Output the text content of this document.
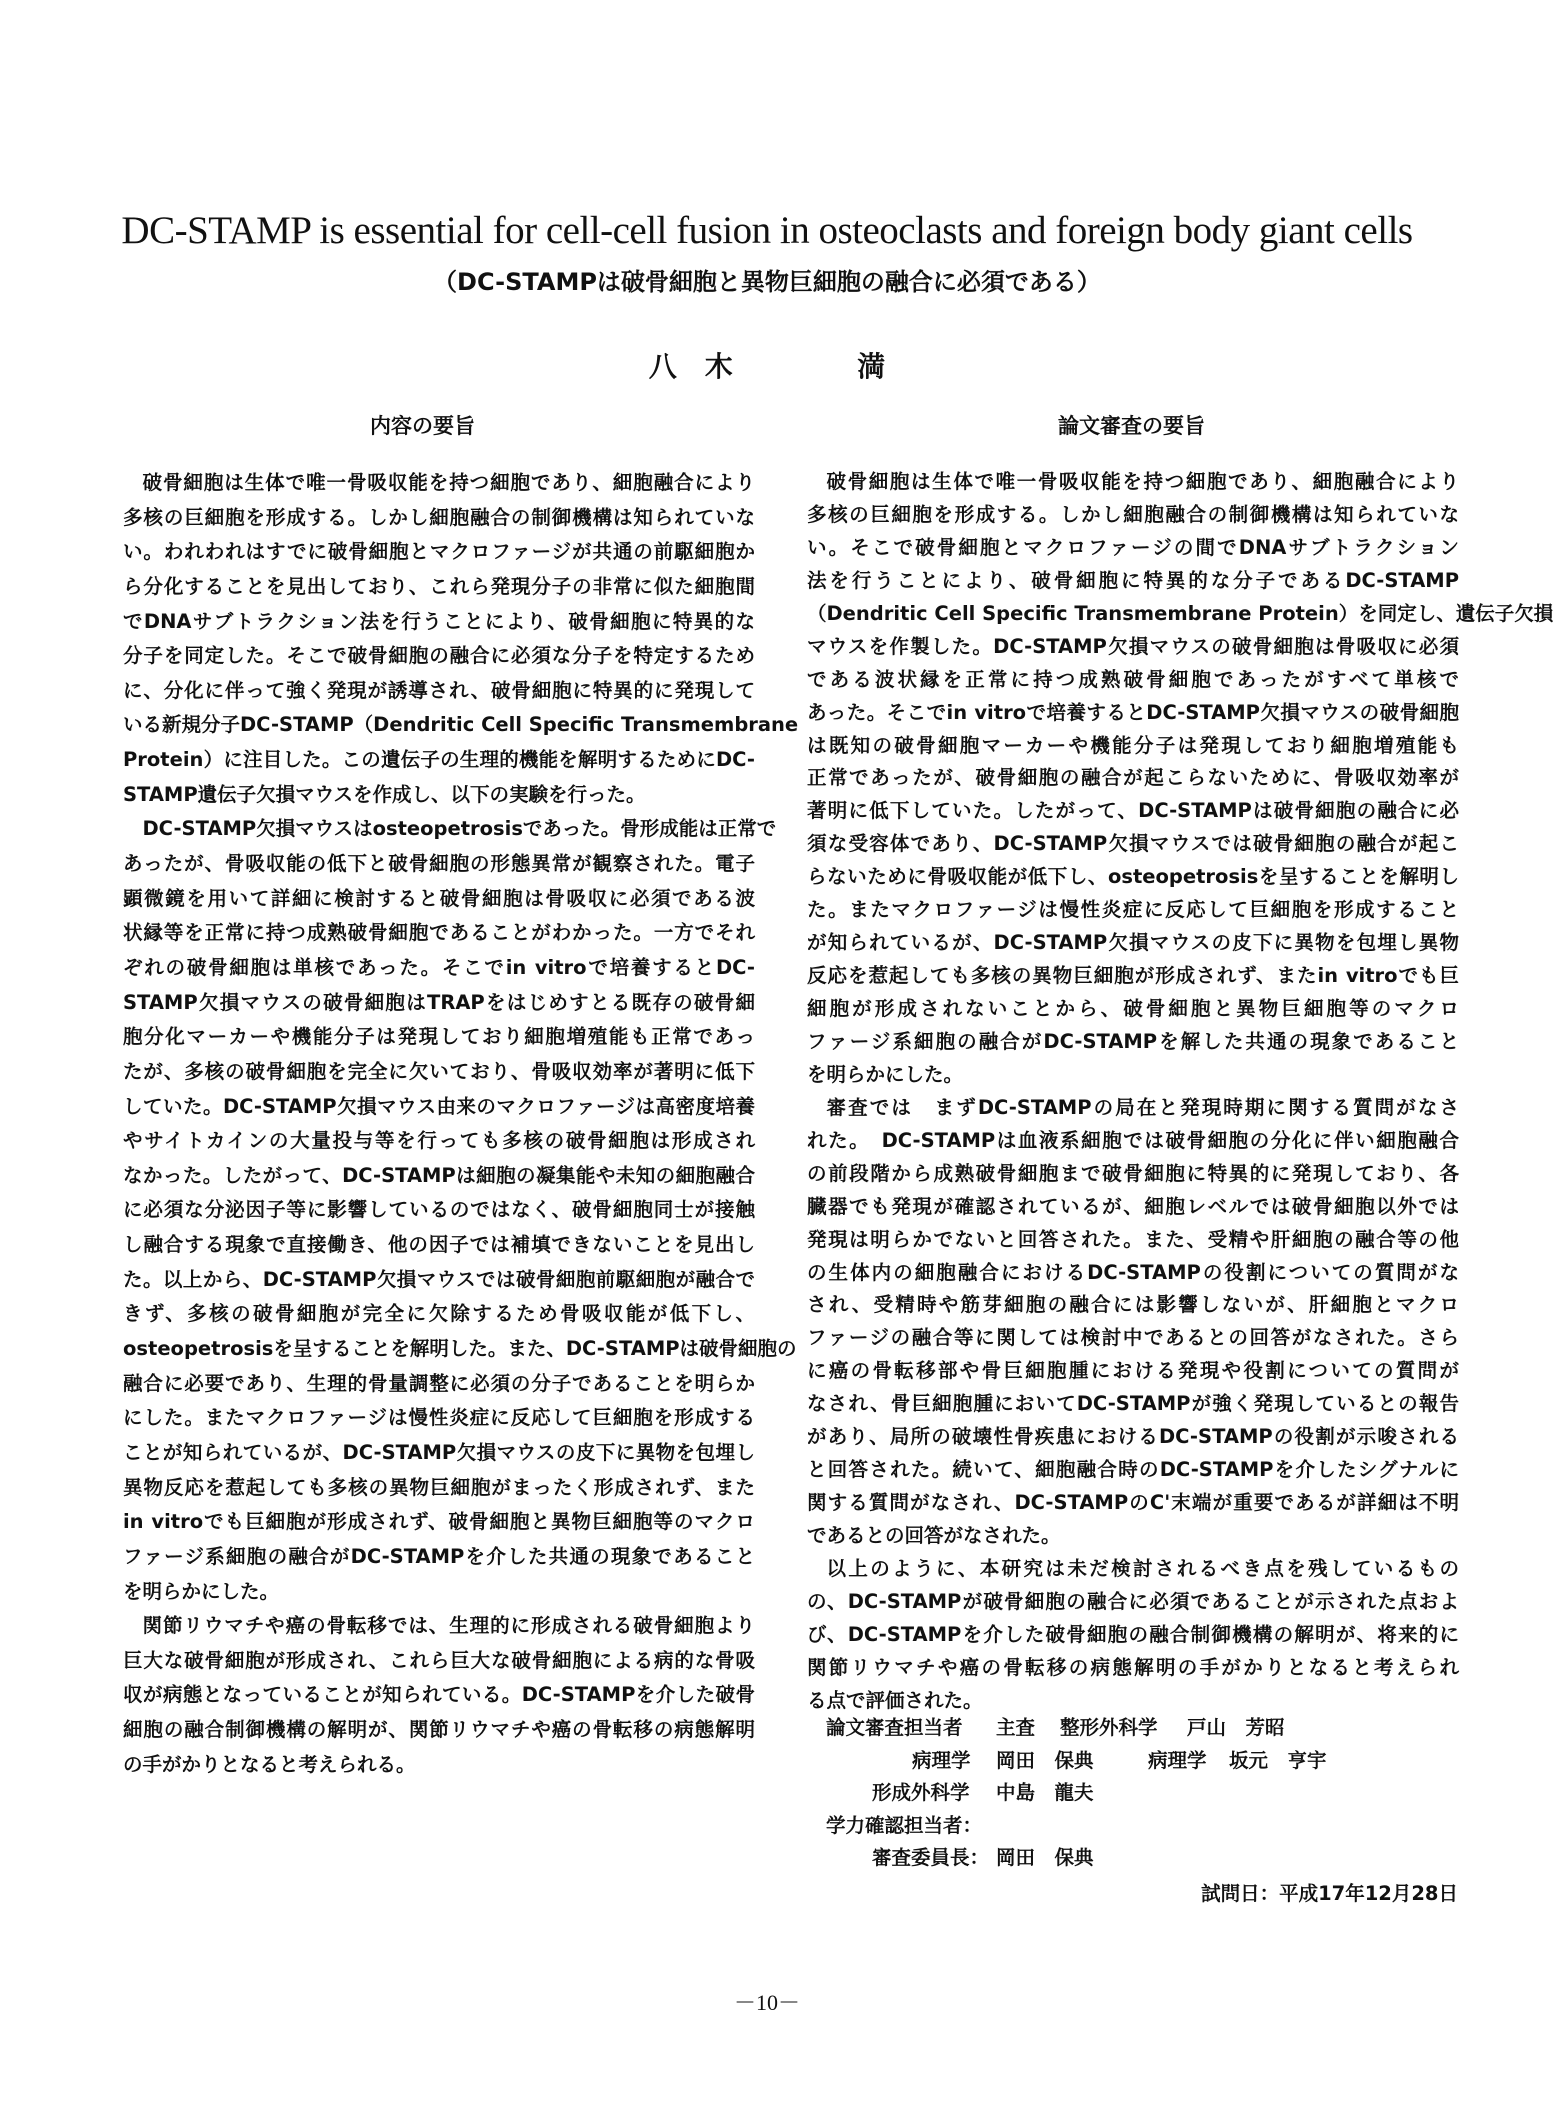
DC-STAMP is essential for cell-cell fusion in osteoclasts and foreign body giant cells
（DC-STAMPは破骨細胞と異物巨細胞の融合に必須である）
八　木	満
内容の要旨	論文審査の要旨
破骨細胞は生体で唯一骨吸収能を持つ細胞であり、細胞融合により
多核の巨細胞を形成する。しかし細胞融合の制御機構は知られていな
い。われわれはすでに破骨細胞とマクロファージが共通の前駆細胞か
ら分化することを見出しており、これら発現分子の非常に似た細胞間
でDNAサブトラクション法を行うことにより、破骨細胞に特異的な
分子を同定した。そこで破骨細胞の融合に必須な分子を特定するため
に、分化に伴って強く発現が誘導され、破骨細胞に特異的に発現して
いる新規分子DC-STAMP（Dendritic Cell Specific Transmembrane
Protein）に注目した。この遺伝子の生理的機能を解明するためにDC-
STAMP遺伝子欠損マウスを作成し、以下の実験を行った。
DC-STAMP欠損マウスはosteopetrosisであった。骨形成能は正常で
あったが、骨吸収能の低下と破骨細胞の形態異常が観察された。電子
顕微鏡を用いて詳細に検討すると破骨細胞は骨吸収に必須である波
状縁等を正常に持つ成熟破骨細胞であることがわかった。一方でそれ
ぞれの破骨細胞は単核であった。そこでin vitroで培養するとDC-
STAMP欠損マウスの破骨細胞はTRAPをはじめすとる既存の破骨細
胞分化マーカーや機能分子は発現しており細胞増殖能も正常であっ
たが、多核の破骨細胞を完全に欠いており、骨吸収効率が著明に低下
していた。DC-STAMP欠損マウス由来のマクロファージは高密度培養
やサイトカインの大量投与等を行っても多核の破骨細胞は形成され
なかった。したがって、DC-STAMPは細胞の凝集能や未知の細胞融合
に必須な分泌因子等に影響しているのではなく、破骨細胞同士が接触
し融合する現象で直接働き、他の因子では補填できないことを見出し
た。以上から、DC-STAMP欠損マウスでは破骨細胞前駆細胞が融合で
きず、多核の破骨細胞が完全に欠除するため骨吸収能が低下し、
osteopetrosisを呈することを解明した。また、DC-STAMPは破骨細胞の
融合に必要であり、生理的骨量調整に必須の分子であることを明らか
にした。またマクロファージは慢性炎症に反応して巨細胞を形成する
ことが知られているが、DC-STAMP欠損マウスの皮下に異物を包埋し
異物反応を惹起しても多核の異物巨細胞がまったく形成されず、また
in vitroでも巨細胞が形成されず、破骨細胞と異物巨細胞等のマクロ
ファージ系細胞の融合がDC-STAMPを介した共通の現象であること
を明らかにした。
関節リウマチや癌の骨転移では、生理的に形成される破骨細胞より
巨大な破骨細胞が形成され、これら巨大な破骨細胞による病的な骨吸
収が病態となっていることが知られている。DC-STAMPを介した破骨
細胞の融合制御機構の解明が、関節リウマチや癌の骨転移の病態解明
の手がかりとなると考えられる。
破骨細胞は生体で唯一骨吸収能を持つ細胞であり、細胞融合により
多核の巨細胞を形成する。しかし細胞融合の制御機構は知られていな
い。そこで破骨細胞とマクロファージの間でDNAサブトラクション
法を行うことにより、破骨細胞に特異的な分子であるDC-STAMP
（Dendritic Cell Specific Transmembrane Protein）を同定し、遺伝子欠損
マウスを作製した。DC-STAMP欠損マウスの破骨細胞は骨吸収に必須
である波状縁を正常に持つ成熟破骨細胞であったがすべて単核で
あった。そこでin vitroで培養するとDC-STAMP欠損マウスの破骨細胞
は既知の破骨細胞マーカーや機能分子は発現しており細胞増殖能も
正常であったが、破骨細胞の融合が起こらないために、骨吸収効率が
著明に低下していた。したがって、DC-STAMPは破骨細胞の融合に必
須な受容体であり、DC-STAMP欠損マウスでは破骨細胞の融合が起こ
らないために骨吸収能が低下し、osteopetrosisを呈することを解明し
た。またマクロファージは慢性炎症に反応して巨細胞を形成すること
が知られているが、DC-STAMP欠損マウスの皮下に異物を包埋し異物
反応を惹起しても多核の異物巨細胞が形成されず、またin vitroでも巨
細胞が形成されないことから、破骨細胞と異物巨細胞等のマクロ
ファージ系細胞の融合がDC-STAMPを解した共通の現象であること
を明らかにした。
審査では　まずDC-STAMPの局在と発現時期に関する質問がなさ
れた。　DC-STAMPは血液系細胞では破骨細胞の分化に伴い細胞融合
の前段階から成熟破骨細胞まで破骨細胞に特異的に発現しており、各
臓器でも発現が確認されているが、細胞レベルでは破骨細胞以外では
発現は明らかでないと回答された。また、受精や肝細胞の融合等の他
の生体内の細胞融合におけるDC-STAMPの役割についての質問がな
され、受精時や筋芽細胞の融合には影響しないが、肝細胞とマクロ
ファージの融合等に関しては検討中であるとの回答がなされた。さら
に癌の骨転移部や骨巨細胞腫における発現や役割についての質問が
なされ、骨巨細胞腫においてDC-STAMPが強く発現しているとの報告
があり、局所の破壊性骨疾患におけるDC-STAMPの役割が示唆される
と回答された。続いて、細胞融合時のDC-STAMPを介したシグナルに
関する質問がなされ、DC-STAMPのC'末端が重要であるが詳細は不明
であるとの回答がなされた。
以上のように、本研究は未だ検討されるべき点を残しているもの
の、DC-STAMPが破骨細胞の融合に必須であることが示された点およ
び、DC-STAMPを介した破骨細胞の融合制御機構の解明が、将来的に
関節リウマチや癌の骨転移の病態解明の手がかりとなると考えられ
る点で評価された。
論文審査担当者 主査 整形外科学 戸山　芳昭
病理学 岡田　保典	病理学 坂元　亨宇
形成外科学 中島　龍夫
学力確認担当者：
審査委員長： 岡田　保典
試問日：平成17年12月28日
－10－
